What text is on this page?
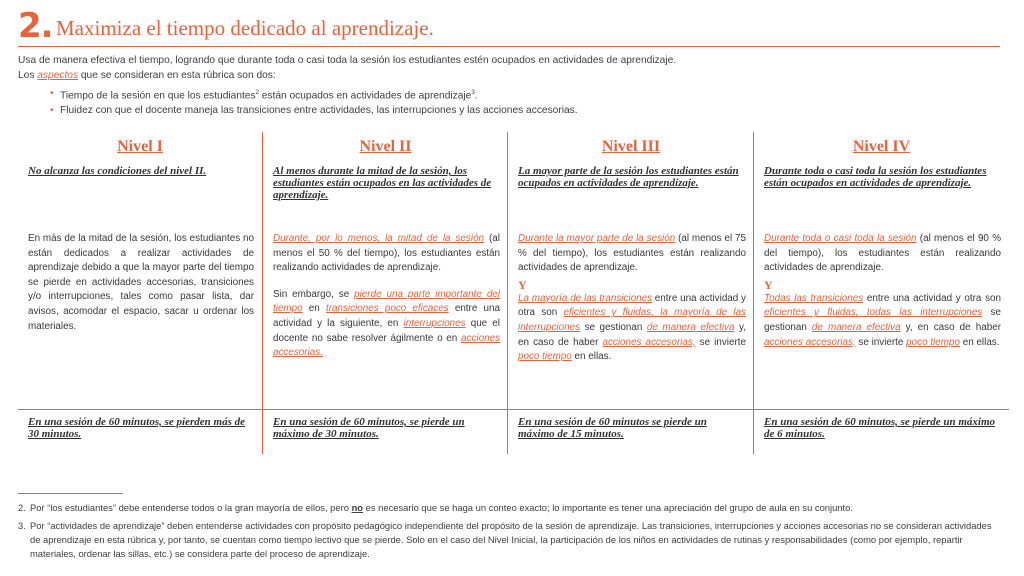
2. Maximiza el tiempo dedicado al aprendizaje.

Usa de manera efectiva el tiempo, logrando que durante toda o casi toda la sesión los estudiantes estén ocupados en actividades de aprendizaje.

Los aspectos que se consideran en esta rúbrica son dos:

• Tiempo de la sesión en que los estudiantes$^2$ están ocupados en actividades de aprendizaje$^3$.
• Fluidez con que el docente maneja las transiciones entre actividades, las interrupciones y las acciones accesorias.
Nivel I
No alcanza las condiciones del nivel II.

En más de la mitad de la sesión, los estudiantes no están dedicados a realizar actividades de aprendizaje debido a que la mayor parte del tiempo se pierde en actividades accesorias, transiciones y/o interrupciones, tales como pasar lista, dar avisos, acomodar el espacio, sacar u ordenar los materiales.

En una sesión de 60 minutos, se pierden más de 30 minutos.
Nivel II
Al menos durante la mitad de la sesión, los estudiantes están ocupados en las actividades de aprendizaje.

Durante, por lo menos, la mitad de la sesión (al menos el 50 % del tiempo), los estudiantes están realizando actividades de aprendizaje.

Sin embargo, se pierde una parte importante del tiempo en transiciones poco eficaces entre una actividad y la siguiente, en interrupciones que el docente no sabe resolver ágilmente o en acciones accesorias.

En una sesión de 60 minutos, se pierde un máximo de 30 minutos.
Nivel III
La mayor parte de la sesión los estudiantes están ocupados en actividades de aprendizaje.

Durante la mayor parte de la sesión (al menos el 75 % del tiempo), los estudiantes están realizando actividades de aprendizaje.

Y

La mayoría de las transiciones entre una actividad y otra son eficientes y fluidas, la mayoría de las interrupciones se gestionan de manera efectiva y, en caso de haber acciones accesorias, se invierte poco tiempo en ellas.

En una sesión de 60 minutos se pierde un máximo de 15 minutos.
Nivel IV
Durante toda o casi toda la sesión los estudiantes están ocupados en actividades de aprendizaje.

Durante toda o casi toda la sesión (al menos el 90 % del tiempo), los estudiantes están realizando actividades de aprendizaje.

Y

Todas las transiciones entre una actividad y otra son eficientes y fluidas, todas las interrupciones se gestionan de manera efectiva y, en caso de haber acciones accesorias, se invierte poco tiempo en ellas.

En una sesión de 60 minutos, se pierde un máximo de 6 minutos.
2. Por “los estudiantes” debe entenderse todos o la gran mayoría de ellos, pero no es necesario que se haga un conteo exacto; lo importante es tener una apreciación del grupo de aula en su conjunto.
3. Por “actividades de aprendizaje” deben entenderse actividades con propósito pedagógico independiente del propósito de la sesión de aprendizaje. Las transiciones, interrupciones y acciones accesorias no se consideran actividades de aprendizaje en esta rúbrica y, por tanto, se cuentan como tiempo lectivo que se pierde. Solo en el caso del Nivel Inicial, la participación de los niños en actividades de rutinas y responsabilidades (como por ejemplo, repartir materiales, ordenar las sillas, etc.) se considera parte del proceso de aprendizaje.
